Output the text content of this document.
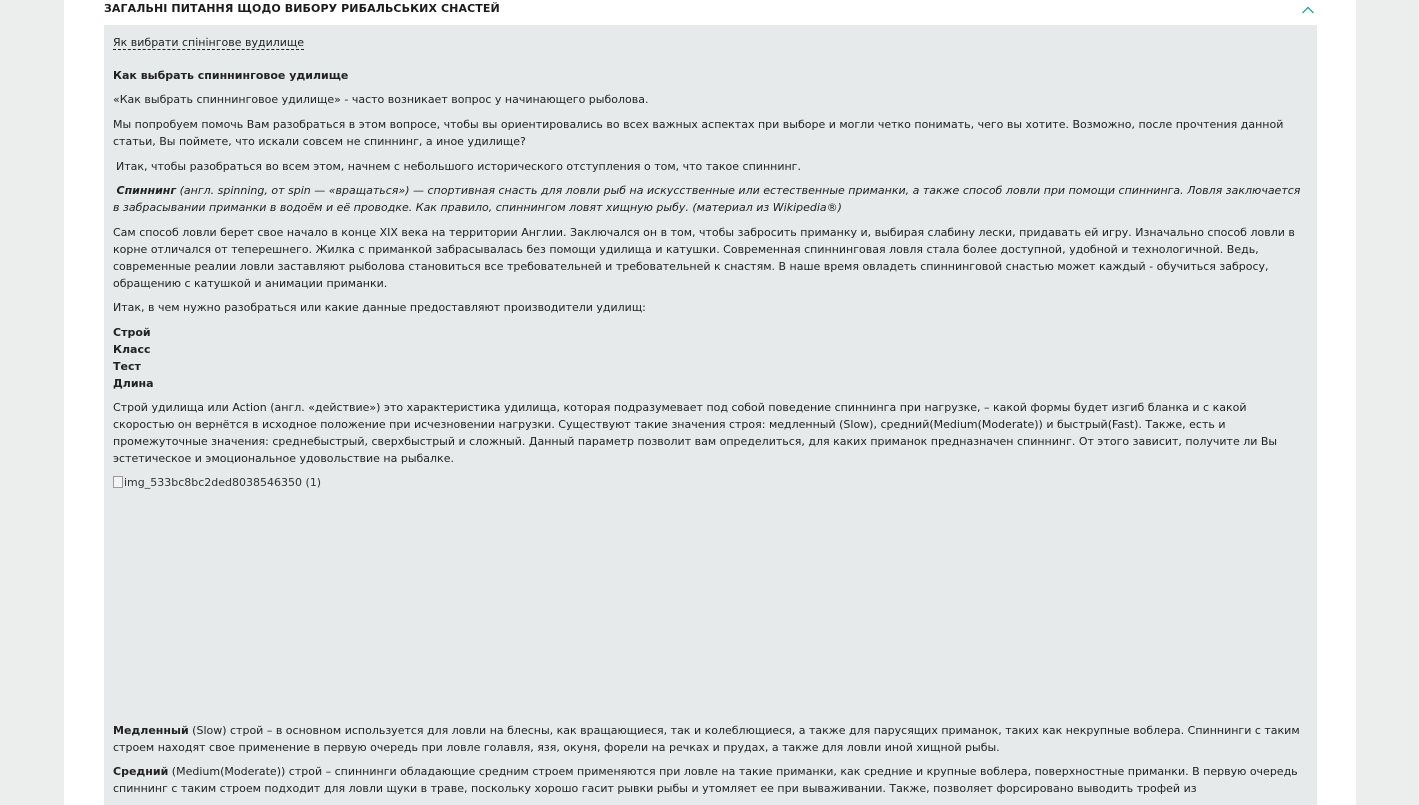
ЗАГАЛЬНІ ПИТАННЯ ЩОДО ВИБОРУ РИБАЛЬСЬКИХ СНАСТЕЙ
Як вибрати спінінгове вудилище

Как выбрать спиннинговое удилище

«Как выбрать спиннинговое удилище» - часто возникает вопрос у начинающего рыболова.

Мы попробуем помочь Вам разобраться в этом вопросе, чтобы вы ориентировались во всех важных аспектах при выборе и могли четко понимать, чего вы хотите. Возможно, после прочтения данной статьи, Вы поймете, что искали совсем не спиннинг, а иное удилище?

Итак, чтобы разобраться во всем этом, начнем с небольшого исторического отступления о том, что такое спиннинг.

Спиннинг (англ. spinning, от spin — «вращаться») — спортивная снасть для ловли рыб на искусственные или естественные приманки, а также способ ловли при помощи спиннинга. Ловля заключается в забрасывании приманки в водоём и её проводке. Как правило, спиннингом ловят хищную рыбу. (материал из Wikipedia®)

Сам способ ловли берет свое начало в конце XIX века на территории Англии. Заключался он в том, чтобы забросить приманку и, выбирая слабину лески, придавать ей игру. Изначально способ ловли в корне отличался от теперешнего. Жилка с приманкой забрасывалась без помощи удилища и катушки. Современная спиннинговая ловля стала более доступной, удобной и технологичной. Ведь, современные реалии ловли заставляют рыболова становиться все требовательней и требовательней к снастям. В наше время овладеть спиннинговой снастью может каждый - обучиться забросу, обращению с катушкой и анимации приманки.

Итак, в чем нужно разобраться или какие данные предоставляют производители удилищ:

Строй
Класс
Тест
Длина

Строй удилища или Action (англ. «действие») это характеристика удилища, которая подразумевает под собой поведение спиннинга при нагрузке, – какой формы будет изгиб бланка и с какой скоростью он вернётся в исходное положение при исчезновении нагрузки. Существуют такие значения строя: медленный (Slow), средний(Medium(Moderate)) и быстрый(Fast). Также, есть и промежуточные значения: среднебыстрый, сверхбыстрый и сложный. Данный параметр позволит вам определиться, для каких приманок предназначен спиннинг. От этого зависит, получите ли Вы эстетическое и эмоциональное удовольствие на рыбалке.

img_533bc8bc2ded8038546350 (1)

Медленный (Slow) строй – в основном используется для ловли на блесны, как вращающиеся, так и колеблющиеся, а также для парусящих приманок, таких как некрупные воблера. Спиннинги с таким строем находят свое применение в первую очередь при ловле голавля, язя, окуня, форели на речках и прудах, а также для ловли иной хищной рыбы.

Средний (Medium(Moderate)) строй – спиннинги обладающие средним строем применяются при ловле на такие приманки, как средние и крупные воблера, поверхностные приманки. В первую очередь спиннинг с таким строем подходит для ловли щуки в траве, поскольку хорошо гасит рывки рыбы и утомляет ее при вываживании. Также, позволяет форсировано выводить трофей из
